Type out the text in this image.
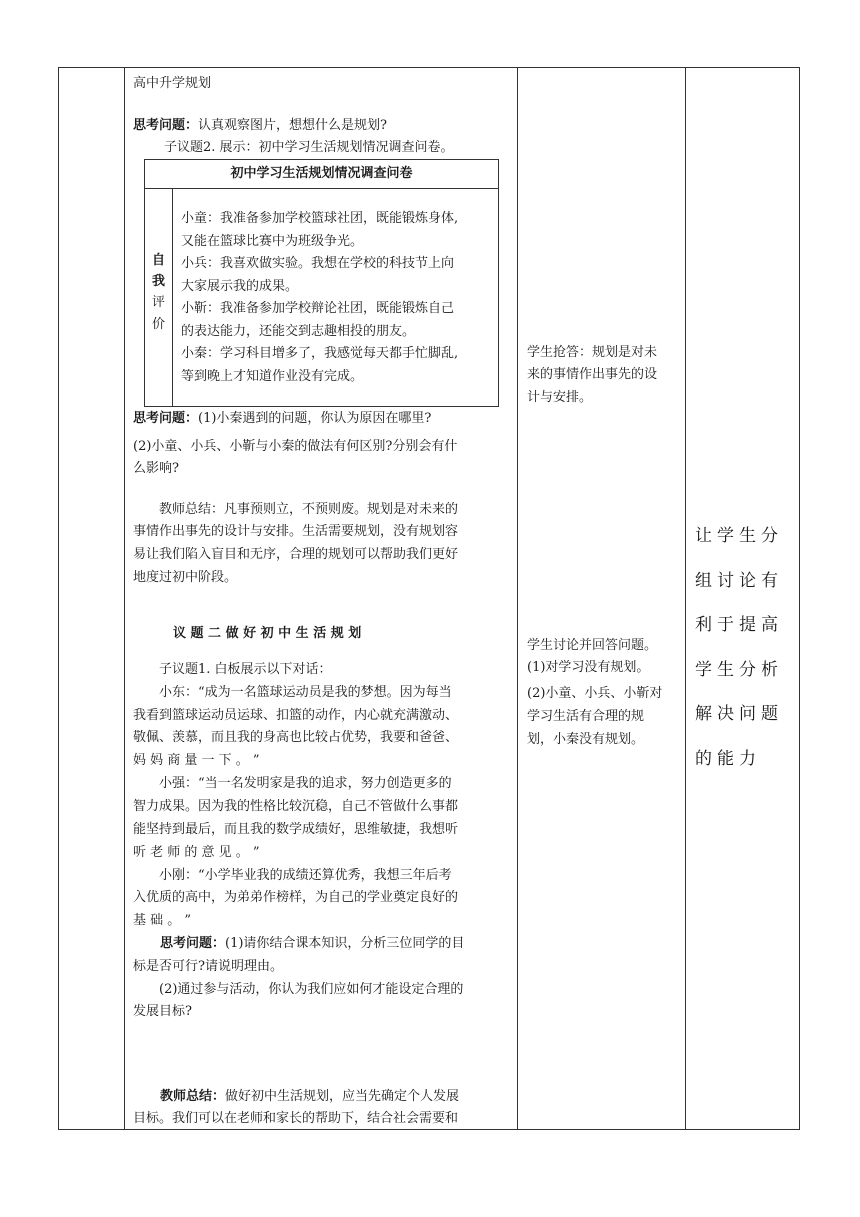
高中升学规划
思考问题：认真观察图片，想想什么是规划?
子议题2. 展示：初中学习生活规划情况调查问卷。
初中学习生活规划情况调查问卷
自
我
评
价

小童：我准备参加学校篮球社团，既能锻炼身体,

又能在篮球比赛中为班级争光。

小兵：我喜欢做实验。我想在学校的科技节上向

大家展示我的成果。

小靳：我准备参加学校辩论社团，既能锻炼自己

的表达能力，还能交到志趣相投的朋友。

小秦：学习科目增多了，我感觉每天都手忙脚乱,

等到晚上才知道作业没有完成。

思考问题：(1)小秦遇到的问题，你认为原因在哪里?
(2)小童、小兵、小靳与小秦的做法有何区别?分别会有什
么影响?
　　教师总结：凡事预则立，不预则废。规划是对未来的
事情作出事先的设计与安排。生活需要规划，没有规划容
易让我们陷入盲目和无序，合理的规划可以帮助我们更好
地度过初中阶段。
议 题 二 做 好 初 中 生 活 规 划
　　子议题1. 白板展示以下对话：
　　小东：“成为一名篮球运动员是我的梦想。因为每当
我看到篮球运动员运球、扣篮的动作，内心就充满激动、
敬佩、羡慕，而且我的身高也比较占优势，我要和爸爸、
妈 妈 商 量 一 下 。 ”
　　小强：“当一名发明家是我的追求，努力创造更多的
智力成果。因为我的性格比较沉稳，自己不管做什么事都
能坚持到最后，而且我的数学成绩好，思维敏捷，我想听
听 老 师 的 意 见 。 ”
　　小刚：“小学毕业我的成绩还算优秀，我想三年后考
入优质的高中，为弟弟作榜样，为自己的学业奠定良好的
基 础 。 ”
思考问题：(1)请你结合课本知识，分析三位同学的目
标是否可行?请说明理由。
　　(2)通过参与活动，你认为我们应如何才能设定合理的
发展目标?
教师总结：做好初中生活规划，应当先确定个人发展
目标。我们可以在老师和家长的帮助下，结合社会需要和
学生抢答：规划是对未
来的事情作出事先的设
计与安排。
学生讨论并回答问题。
(1)对学习没有规划。
(2)小童、小兵、小靳对
学习生活有合理的规
划，小秦没有规划。

让学生分

组讨论有

利于提高

学生分析

解决问题

的能力
